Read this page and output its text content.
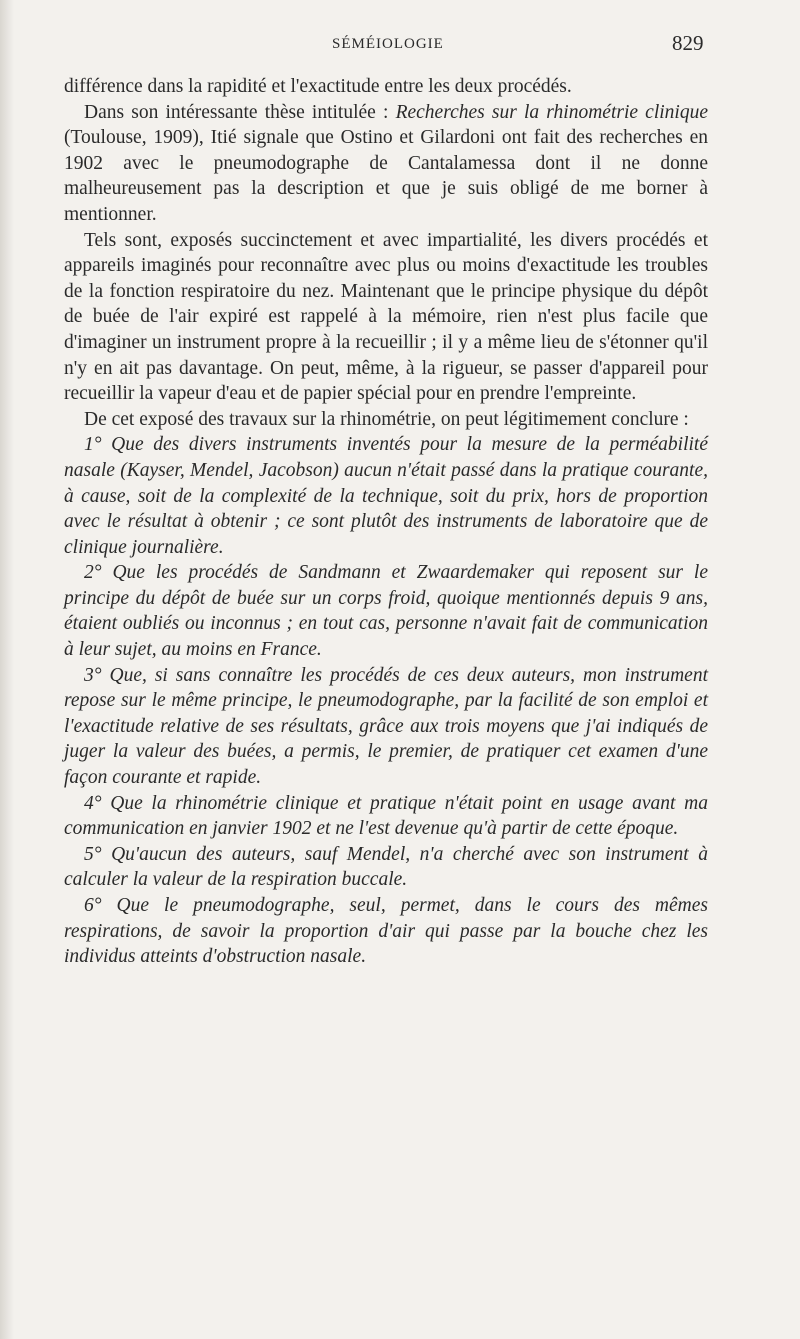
SÉMÉIOLOGIE	829

différence dans la rapidité et l'exactitude entre les deux procédés.

Dans son intéressante thèse intitulée : Recherches sur la rhinométrie clinique (Toulouse, 1909), Itié signale que Ostino et Gilardoni ont fait des recherches en 1902 avec le pneumodographe de Cantalamessa dont il ne donne malheureusement pas la description et que je suis obligé de me borner à mentionner.

Tels sont, exposés succinctement et avec impartialité, les divers procédés et appareils imaginés pour reconnaître avec plus ou moins d'exactitude les troubles de la fonction respiratoire du nez. Maintenant que le principe physique du dépôt de buée de l'air expiré est rappelé à la mémoire, rien n'est plus facile que d'imaginer un instrument propre à la recueillir ; il y a même lieu de s'étonner qu'il n'y en ait pas davantage. On peut, même, à la rigueur, se passer d'appareil pour recueillir la vapeur d'eau et de papier spécial pour en prendre l'empreinte.

De cet exposé des travaux sur la rhinométrie, on peut légitimement conclure :

1° Que des divers instruments inventés pour la mesure de la perméabilité nasale (Kayser, Mendel, Jacobson) aucun n'était passé dans la pratique courante, à cause, soit de la complexité de la technique, soit du prix, hors de proportion avec le résultat à obtenir ; ce sont plutôt des instruments de laboratoire que de clinique journalière.

2° Que les procédés de Sandmann et Zwaardemaker qui reposent sur le principe du dépôt de buée sur un corps froid, quoique mentionnés depuis 9 ans, étaient oubliés ou inconnus ; en tout cas, personne n'avait fait de communication à leur sujet, au moins en France.

3° Que, si sans connaître les procédés de ces deux auteurs, mon instrument repose sur le même principe, le pneumodographe, par la facilité de son emploi et l'exactitude relative de ses résultats, grâce aux trois moyens que j'ai indiqués de juger la valeur des buées, a permis, le premier, de pratiquer cet examen d'une façon courante et rapide.

4° Que la rhinométrie clinique et pratique n'était point en usage avant ma communication en janvier 1902 et ne l'est devenue qu'à partir de cette époque.

5° Qu'aucun des auteurs, sauf Mendel, n'a cherché avec son instrument à calculer la valeur de la respiration buccale.

6° Que le pneumodographe, seul, permet, dans le cours des mêmes respirations, de savoir la proportion d'air qui passe par la bouche chez les individus atteints d'obstruction nasale.
